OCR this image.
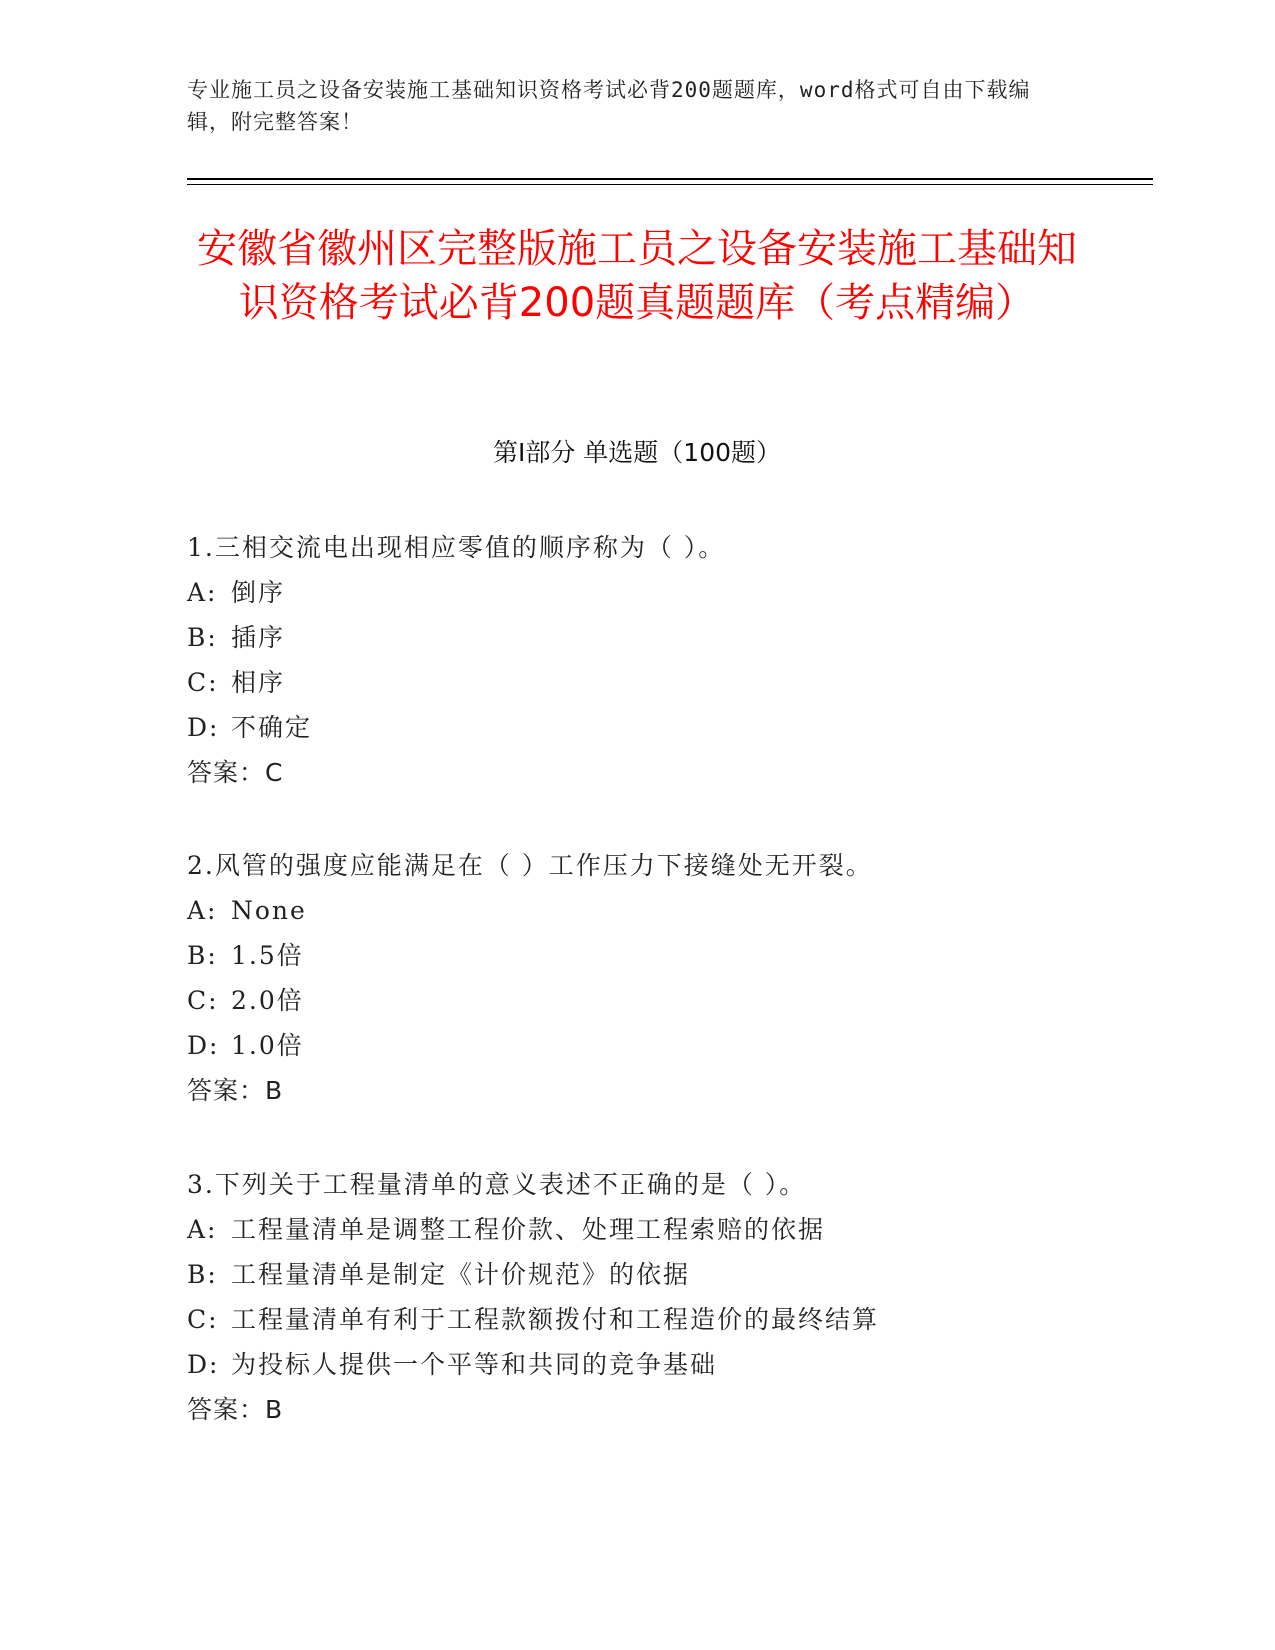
专业施工员之设备安装施工基础知识资格考试必背200题题库，word格式可自由下载编辑，附完整答案！
安徽省徽州区完整版施工员之设备安装施工基础知识资格考试必背200题真题题库（考点精编）
第Ⅰ部分 单选题（100题）
1.三相交流电出现相应零值的顺序称为（ ）。
A: 倒序
B: 插序
C: 相序
D: 不确定
答案：C
2.风管的强度应能满足在（ ）工作压力下接缝处无开裂。
A: None
B: 1.5倍
C: 2.0倍
D: 1.0倍
答案：B
3.下列关于工程量清单的意义表述不正确的是（ ）。
A: 工程量清单是调整工程价款、处理工程索赔的依据
B: 工程量清单是制定《计价规范》的依据
C: 工程量清单有利于工程款额拨付和工程造价的最终结算
D: 为投标人提供一个平等和共同的竞争基础
答案：B
